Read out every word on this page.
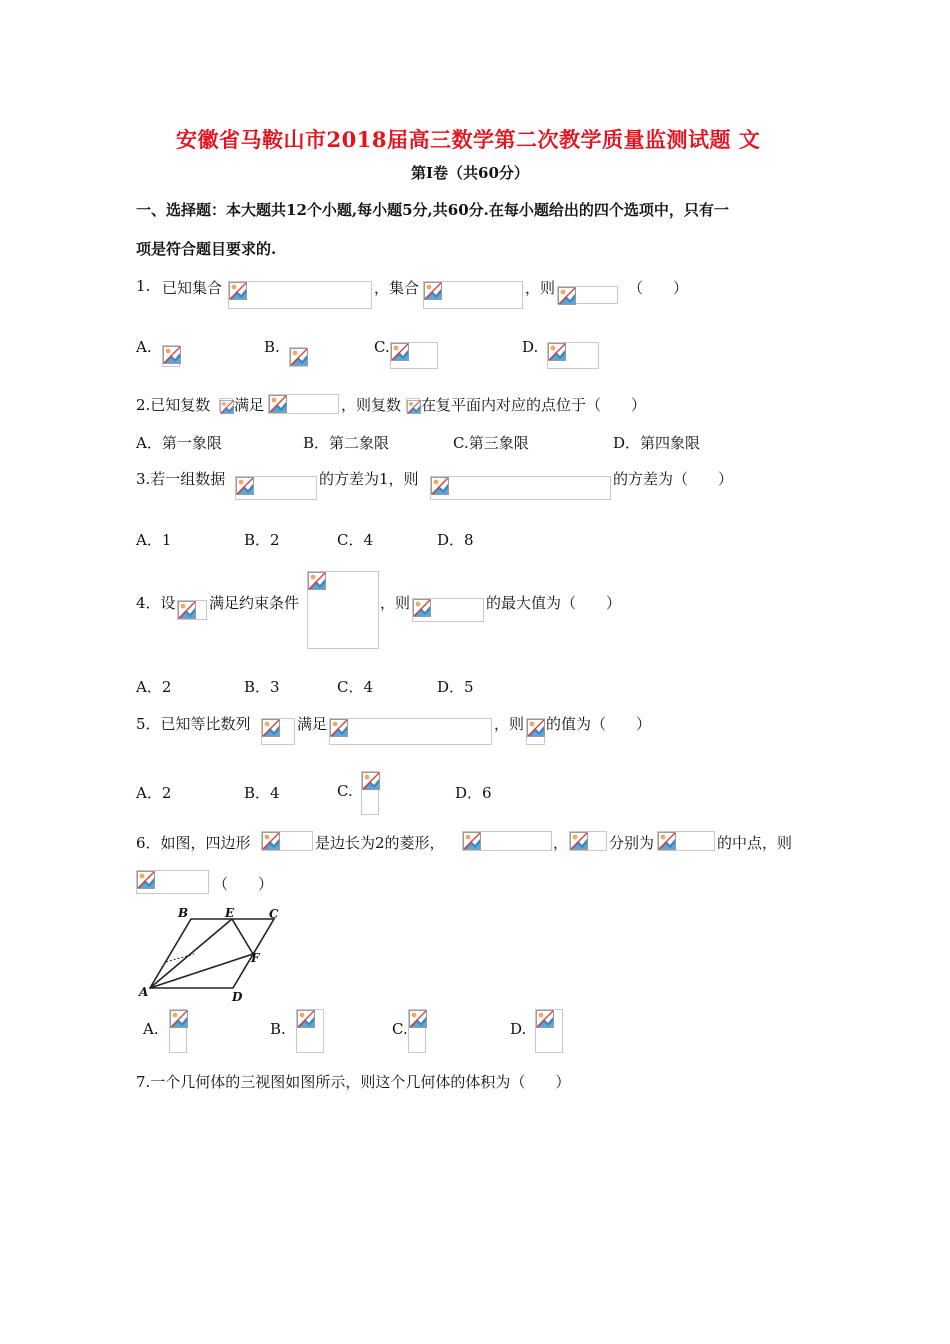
安徽省马鞍山市2018届高三数学第二次教学质量监测试题 文
第Ⅰ卷（共60分）
一、选择题：本大题共12个小题,每小题5分,共60分.在每小题给出的四个选项中，只有一
项是符合题目要求的.
1. 已知集合	，集合	，则	（　　）
A.	B.	C.	D.
2.已知复数 满足	，则复数 在复平面内对应的点位于（　　）
A．第一象限	B．第二象限	C.第三象限	D．第四象限
3.若一组数据	的方差为1，则	的方差为（　　）
A．1	B．2	C．4	D．8
4．设 满足约束条件	，则	的最大值为（　　）
A．2	B．3	C．4	D．5
5．已知等比数列	满足	，则 的值为（　　）
A．2	B．4	C.	D．6
6．如图，四边形	是边长为2的菱形，	，	分别为	的中点，则
（　　）
B	E	C
F
A	D
A.	B.	C.	D.
7.一个几何体的三视图如图所示，则这个几何体的体积为（　　）
